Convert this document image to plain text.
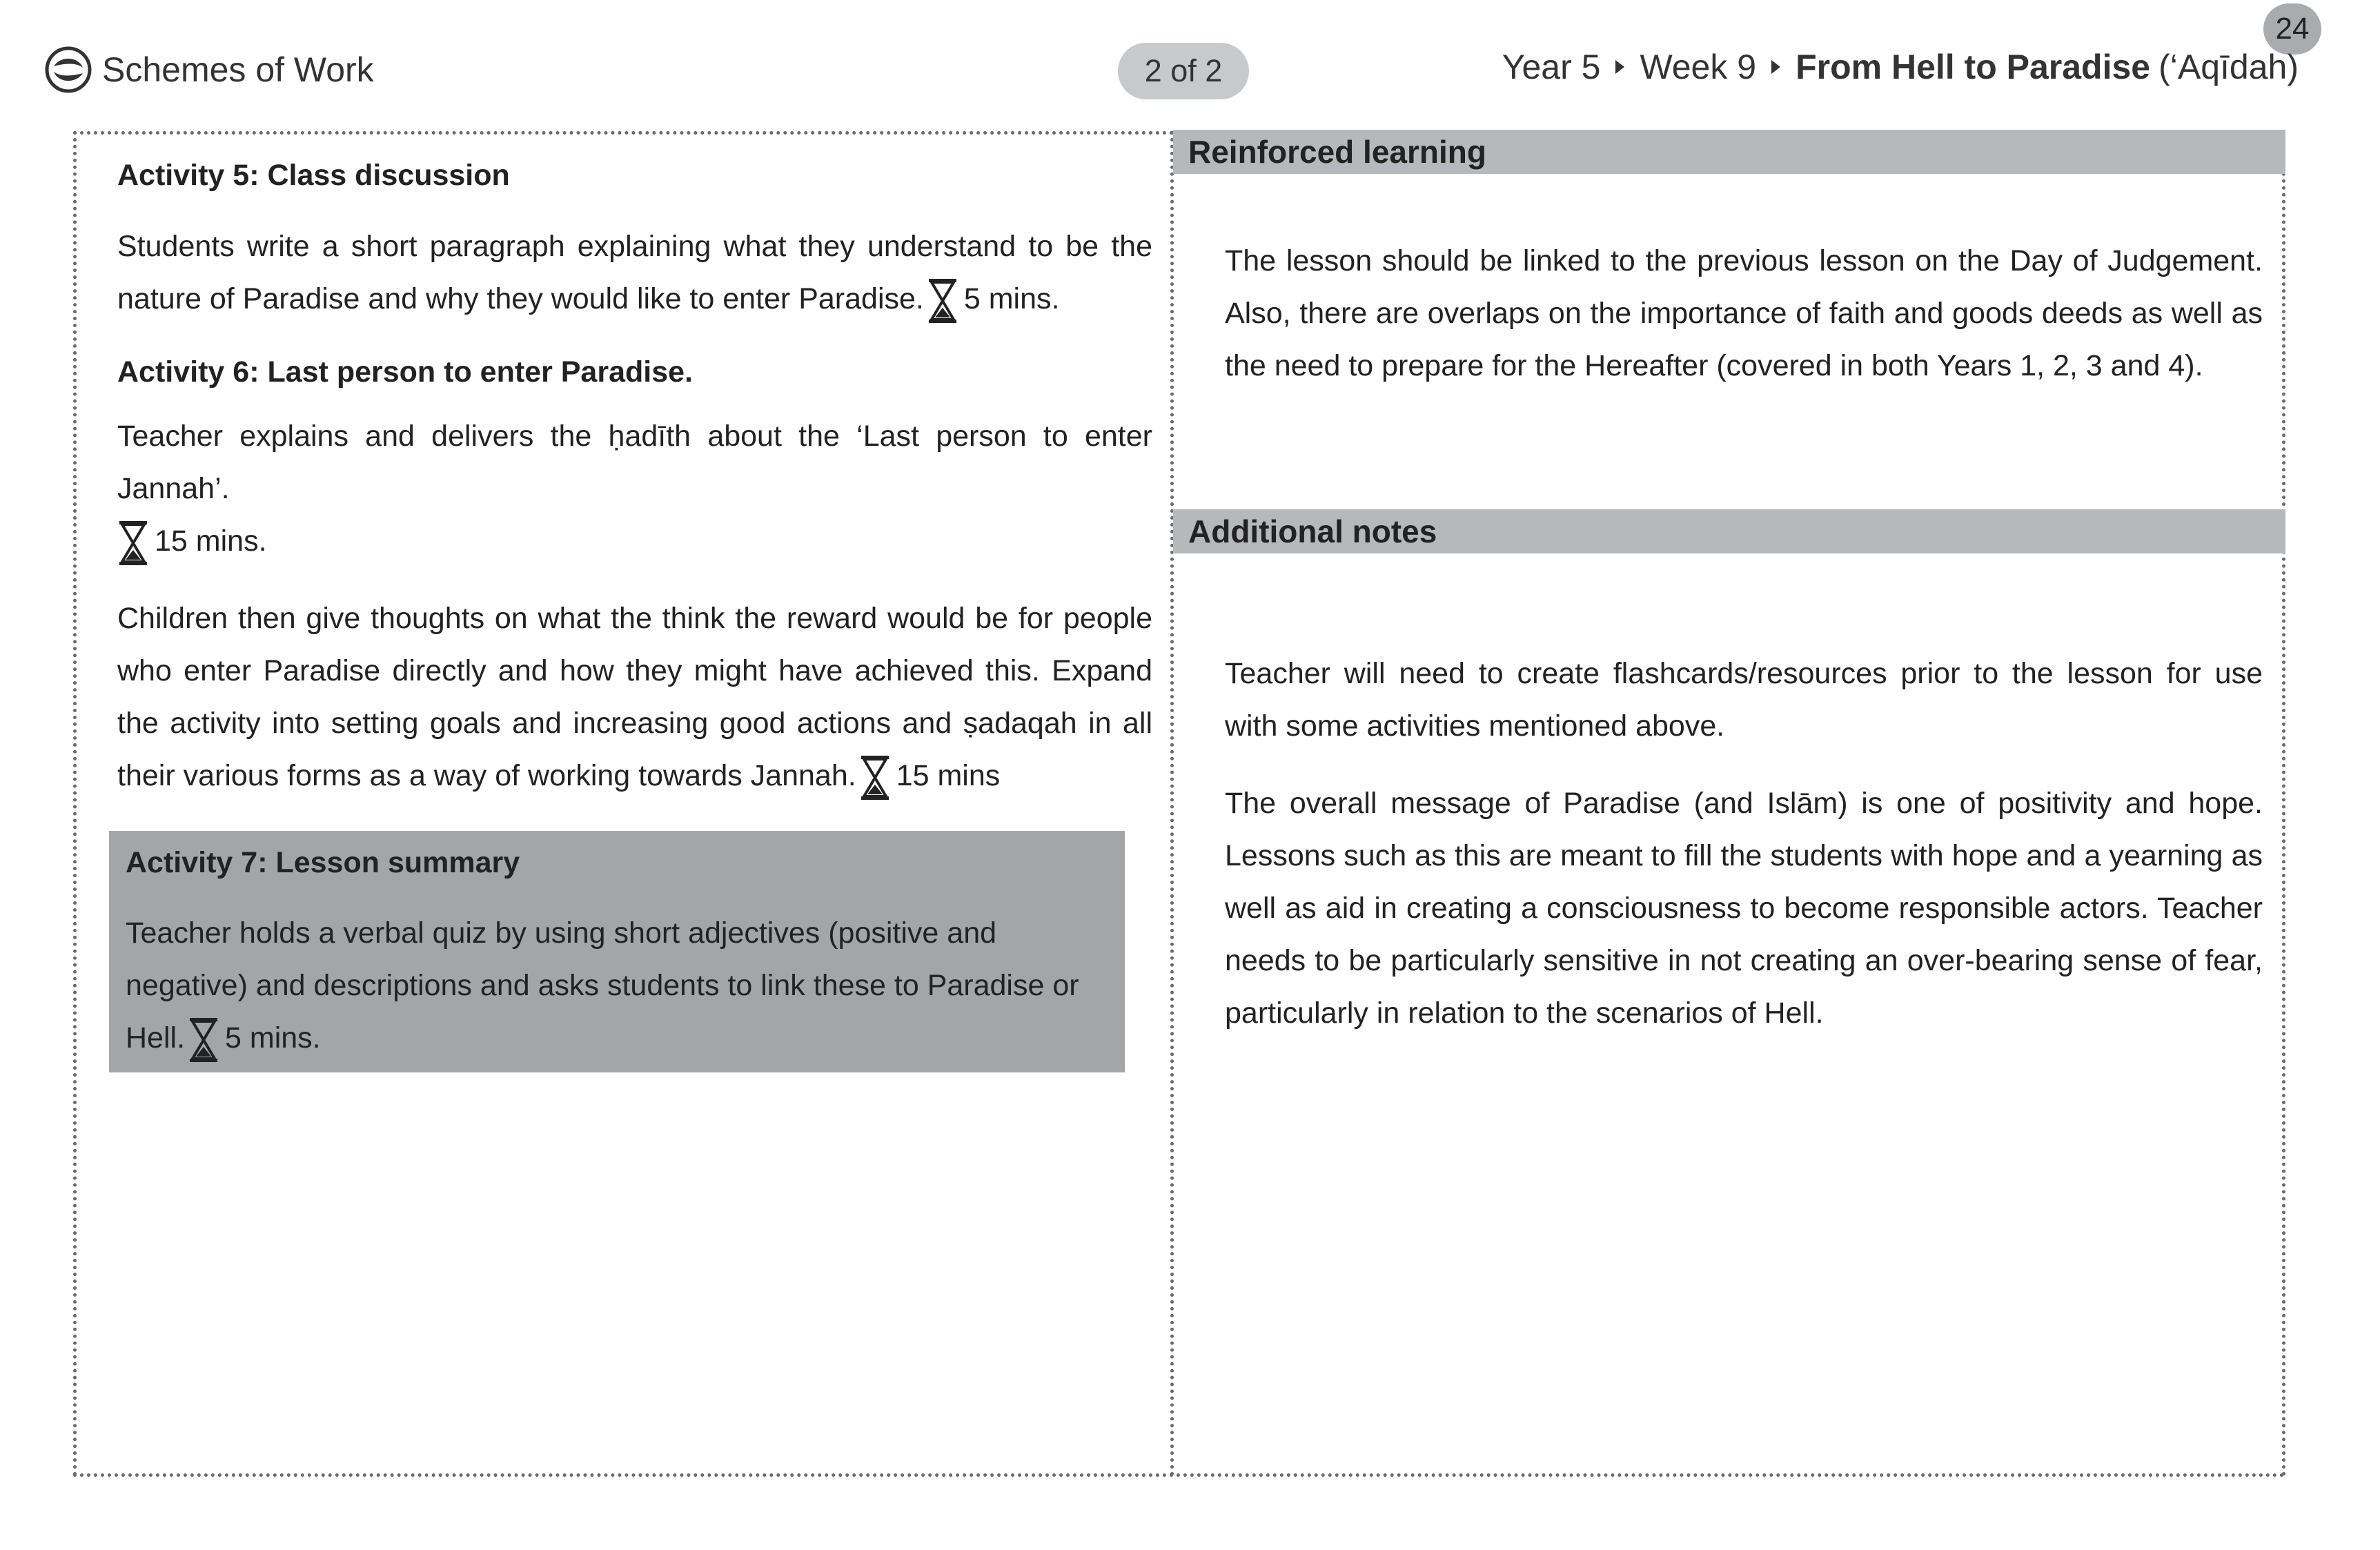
Schemes of Work	2 of 2
24
Year 5 Week 9 From Hell to Paradise (‘Aqīdah)
Activity 5: Class discussion

Students write a short paragraph explaining what they understand to be the nature of Paradise and why they would like to enter Paradise. 5 mins.

Activity 6: Last person to enter Paradise.

Teacher explains and delivers the ḥadīth about the ‘Last person to enter Jannah’.
15 mins.

Children then give thoughts on what the think the reward would be for people who enter Paradise directly and how they might have achieved this. Expand the activity into setting goals and increasing good actions and ṣadaqah in all their various forms as a way of working towards Jannah. 15 mins

Activity 7: Lesson summary

Teacher holds a verbal quiz by using short adjectives (positive and negative) and descriptions and asks students to link these to Paradise or Hell. 5 mins.

Reinforced learning

The lesson should be linked to the previous lesson on the Day of Judgement. Also, there are overlaps on the importance of faith and goods deeds as well as the need to prepare for the Hereafter (covered in both Years 1, 2, 3 and 4).

Additional notes

Teacher will need to create flashcards/resources prior to the lesson for use with some activities mentioned above.

The overall message of Paradise (and Islām) is one of positivity and hope. Lessons such as this are meant to fill the students with hope and a yearning as well as aid in creating a consciousness to become responsible actors. Teacher needs to be particularly sensitive in not creating an over-bearing sense of fear, particularly in relation to the scenarios of Hell.
